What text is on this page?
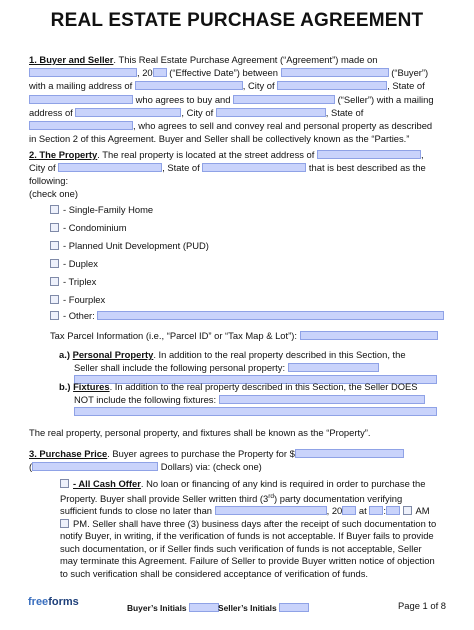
REAL ESTATE PURCHASE AGREEMENT
1. Buyer and Seller. This Real Estate Purchase Agreement (“Agreement”) made on
, 20 (“Effective Date”) between	(“Buyer”)
with a mailing address of	, City of	, State of
who agrees to buy and	(“Seller”) with a mailing
address of	, City of	, State of
, who agrees to sell and convey real and personal property as described
in Section 2 of this Agreement. Buyer and Seller shall be collectively known as the “Parties.”
2. The Property. The real property is located at the street address of	,
City of	, State of	that is best described as the
following:
(check one)
- Single-Family Home
- Condominium
- Planned Unit Development (PUD)
- Duplex
- Triplex
- Fourplex
- Other:
Tax Parcel Information (i.e., “Parcel ID” or “Tax Map & Lot”):
a.) Personal Property. In addition to the real property described in this Section, the
Seller shall include the following personal property:
b.) Fixtures. In addition to the real property described in this Section, the Seller DOES
NOT include the following fixtures:
The real property, personal property, and fixtures shall be known as the “Property”.
3. Purchase Price. Buyer agrees to purchase the Property for $
(	Dollars) via: (check one)
- All Cash Offer. No loan or financing of any kind is required in order to purchase the
Property. Buyer shall provide Seller written third (3rd) party documentation verifying
sufficient funds to close no later than	, 20 at :	AM
PM. Seller shall have three (3) business days after the receipt of such documentation to
notify Buyer, in writing, if the verification of funds is not acceptable. If Buyer fails to provide
such documentation, or if Seller finds such verification of funds is not acceptable, Seller
may terminate this Agreement. Failure of Seller to provide Buyer written notice of objection
to such verification shall be considered acceptance of verification of funds.
freeforms	Buyer’s Initials	Seller’s Initials	Page 1 of 8
